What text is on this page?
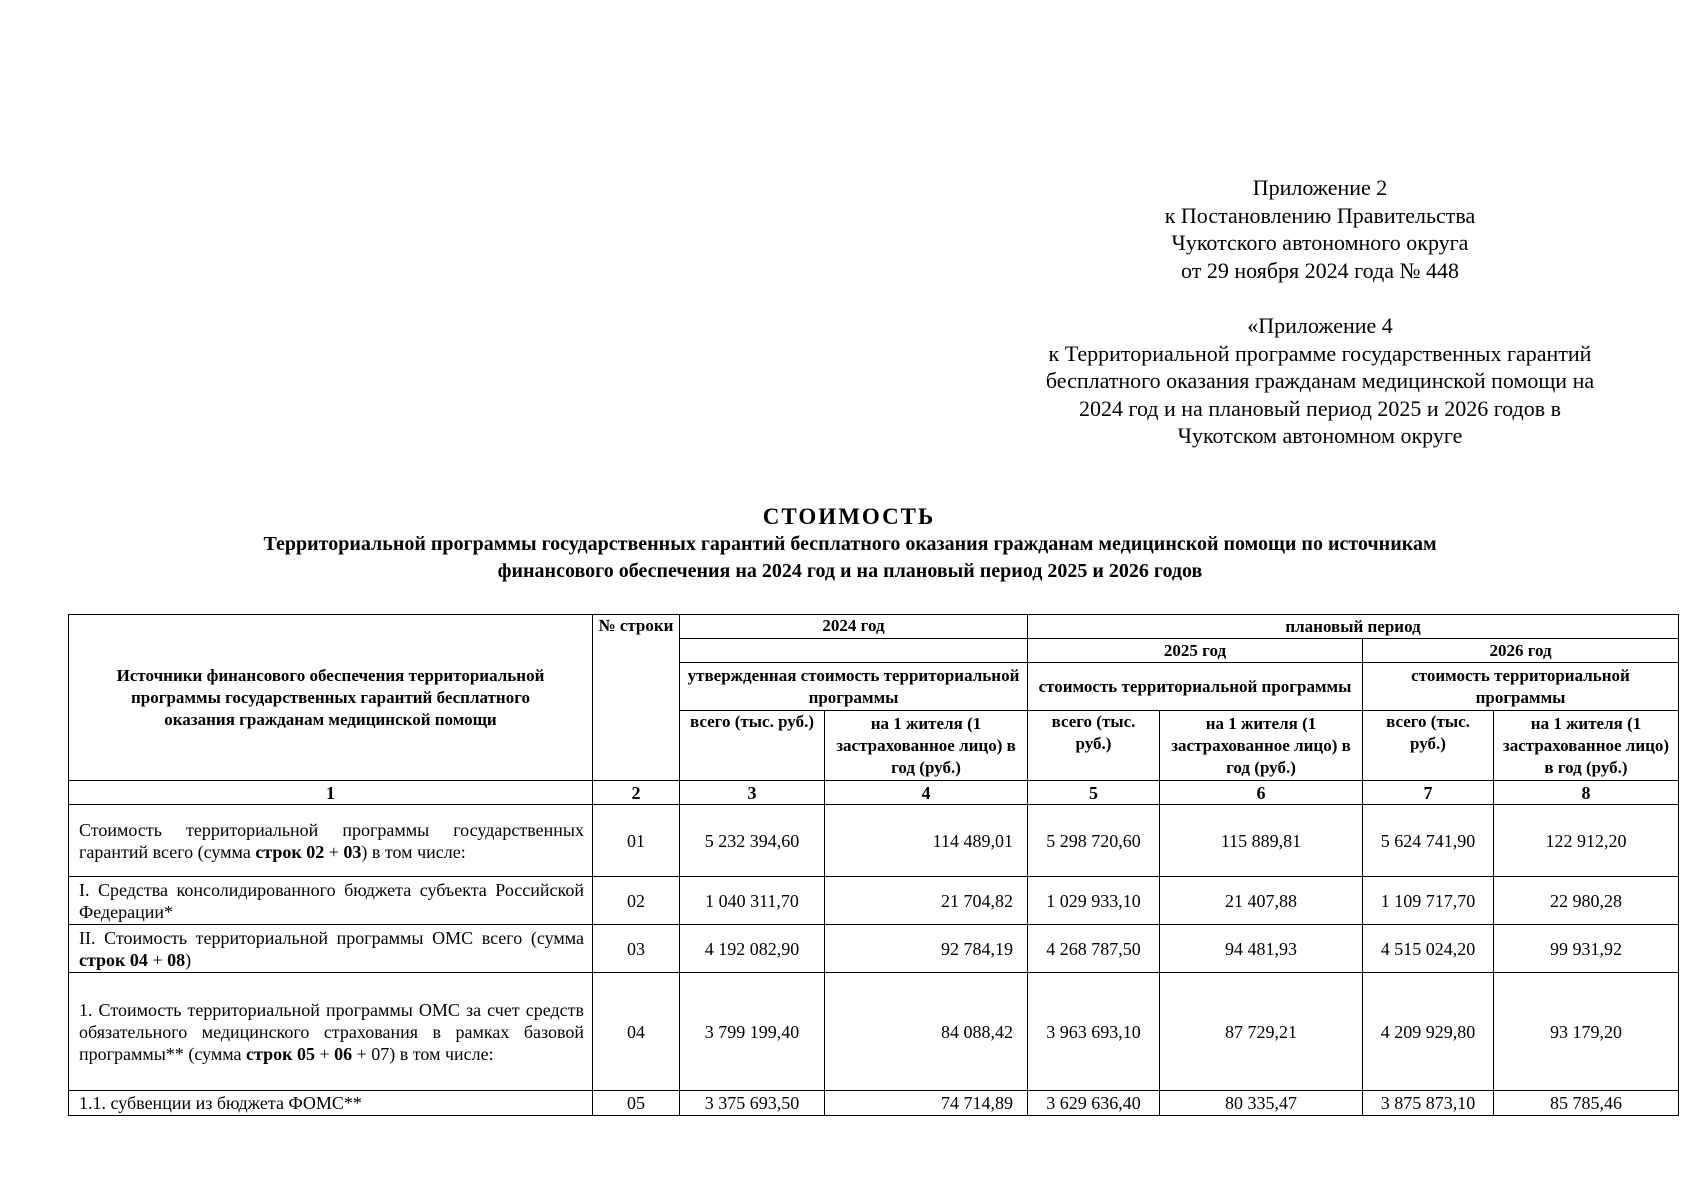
Приложение 2
к Постановлению Правительства
Чукотского автономного округа
от 29 ноября 2024 года № 448
«Приложение 4
к Территориальной программе государственных гарантий
бесплатного оказания гражданам медицинской помощи на
2024 год и на плановый период 2025 и 2026 годов в
Чукотском автономном округе
СТОИМОСТЬ
Территориальной программы государственных гарантий бесплатного оказания гражданам медицинской помощи по источникам
финансового обеспечения на 2024 год и на плановый период 2025 и 2026 годов
Источники финансового обеспечения территориальной программы государственных гарантий бесплатного оказания гражданам медицинской помощи	№ строки	2024 год		плановый период			
				2025 год		2026 год	
		утвержденная стоимость территориальной программы		стоимость территориальной программы		стоимость территориальной программы	
		всего (тыс. руб.)	на 1 жителя (1 застрахованное лицо) в год (руб.)	всего (тыс. руб.)	на 1 жителя (1 застрахованное лицо) в год (руб.)	всего (тыс. руб.)	на 1 жителя (1 застрахованное лицо) в год (руб.)
1	2	3	4	5	6	7	8
Стоимость территориальной программы государственных гарантий всего (сумма строк 02 + 03) в том числе:	01	5 232 394,60	114 489,01	5 298 720,60	115 889,81	5 624 741,90	122 912,20
I. Средства консолидированного бюджета субъекта Российской Федерации*	02	1 040 311,70	21 704,82	1 029 933,10	21 407,88	1 109 717,70	22 980,28
II. Стоимость территориальной программы ОМС всего (сумма строк 04 + 08)	03	4 192 082,90	92 784,19	4 268 787,50	94 481,93	4 515 024,20	99 931,92
1. Стоимость территориальной программы ОМС за счет средств обязательного медицинского страхования в рамках базовой программы** (сумма строк 05 + 06 + 07) в том числе:	04	3 799 199,40	84 088,42	3 963 693,10	87 729,21	4 209 929,80	93 179,20
1.1. субвенции из бюджета ФОМС**	05	3 375 693,50	74 714,89	3 629 636,40	80 335,47	3 875 873,10	85 785,46
